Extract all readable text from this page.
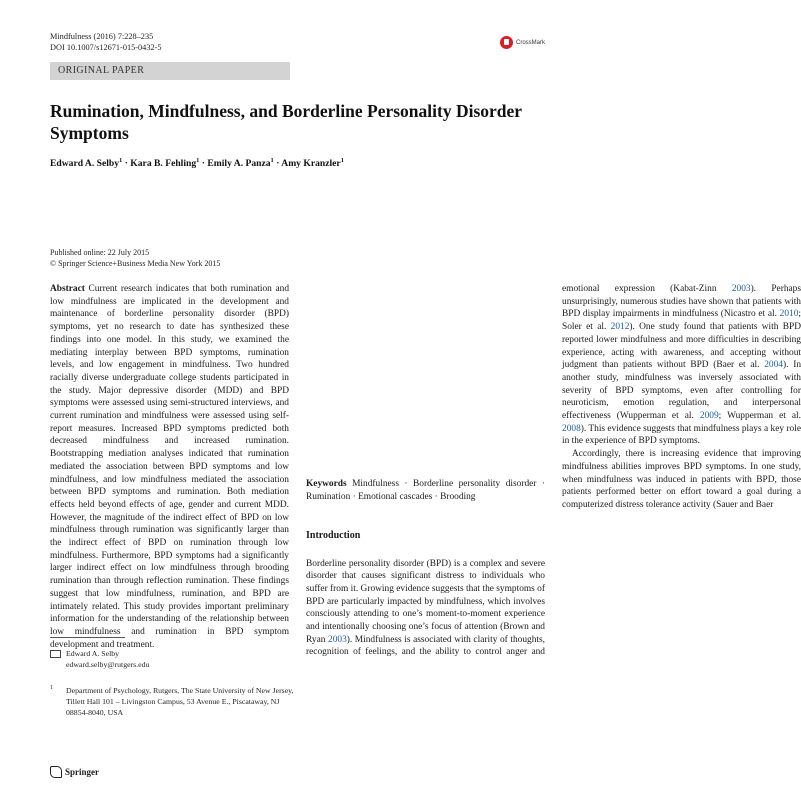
Mindfulness (2016) 7:228–235
DOI 10.1007/s12671-015-0432-5
CrossMark
ORIGINAL PAPER
Rumination, Mindfulness, and Borderline Personality Disorder Symptoms
Edward A. Selby$^1$ · Kara B. Fehling$^1$ · Emily A. Panza$^1$ · Amy Kranzler$^1$
Published online: 22 July 2015
© Springer Science+Business Media New York 2015

Abstract Current research indicates that both rumination and low mindfulness are implicated in the development and maintenance of borderline personality disorder (BPD) symptoms, yet no research to date has synthesized these findings into one model. In this study, we examined the mediating interplay between BPD symptoms, rumination levels, and low engagement in mindfulness. Two hundred racially diverse undergraduate college students participated in the study. Major depressive disorder (MDD) and BPD symptoms were assessed using semi-structured interviews, and current rumination and mindfulness were assessed using self-report measures. Increased BPD symptoms predicted both decreased mindfulness and increased rumination. Bootstrapping mediation analyses indicated that rumination mediated the association between BPD symptoms and low mindfulness, and low mindfulness mediated the association between BPD symptoms and rumination. Both mediation effects held beyond effects of age, gender and current MDD. However, the magnitude of the indirect effect of BPD on low mindfulness through rumination was significantly larger than the indirect effect of BPD on rumination through low mindfulness. Furthermore, BPD symptoms had a significantly larger indirect effect on low mindfulness through brooding rumination than through reflection rumination. These findings suggest that low mindfulness, rumination, and BPD are intimately related. This study provides important preliminary information for the understanding of the relationship between low mindfulness and rumination in BPD symptom development and treatment.

Keywords Mindfulness · Borderline personality disorder · Rumination · Emotional cascades · Brooding

Introduction

Borderline personality disorder (BPD) is a complex and severe disorder that causes significant distress to individuals who suffer from it. Growing evidence suggests that the symptoms of BPD are particularly impacted by mindfulness, which involves consciously attending to one’s moment-to-moment experience and intentionally choosing one’s focus of attention (Brown and Ryan 2003). Mindfulness is associated with clarity of thoughts, recognition of feelings, and the ability to control anger and emotional expression (Kabat-Zinn 2003). Perhaps unsurprisingly, numerous studies have shown that patients with BPD display impairments in mindfulness (Nicastro et al. 2010; Soler et al. 2012). One study found that patients with BPD reported lower mindfulness and more difficulties in describing experience, acting with awareness, and accepting without judgment than patients without BPD (Baer et al. 2004). In another study, mindfulness was inversely associated with severity of BPD symptoms, even after controlling for neuroticism, emotion regulation, and interpersonal effectiveness (Wupperman et al. 2009; Wupperman et al. 2008). This evidence suggests that mindfulness plays a key role in the experience of BPD symptoms.

Accordingly, there is increasing evidence that improving mindfulness abilities improves BPD symptoms. In one study, when mindfulness was induced in patients with BPD, those patients performed better on effort toward a goal during a computerized distress tolerance activity (Sauer and Baer

Edward A. Selby
edward.selby@rutgers.edu
1	Department of Psychology, Rutgers, The State University of New Jersey, Tillett Hall 101 – Livingston Campus, 53 Avenue E., Piscataway, NJ 08854-8040, USA
Springer
